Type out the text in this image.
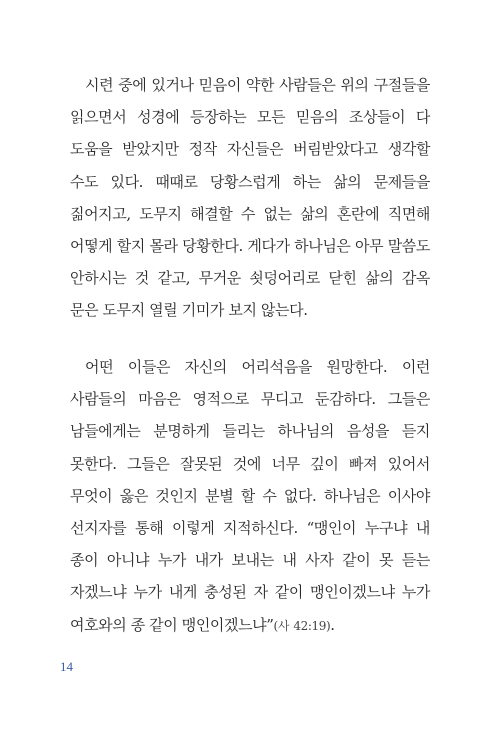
시련 중에 있거나 믿음이 약한 사람들은 위의 구절들을 읽으면서 성경에 등장하는 모든 믿음의 조상들이 다 도움을 받았지만 정작 자신들은 버림받았다고 생각할 수도 있다. 때때로 당황스럽게 하는 삶의 문제들을 짊어지고, 도무지 해결할 수 없는 삶의 혼란에 직면해 어떻게 할지 몰라 당황한다. 게다가 하나님은 아무 말씀도 안하시는 것 같고, 무거운 쇳덩어리로 닫힌 삶의 감옥 문은 도무지 열릴 기미가 보지 않는다.

어떤 이들은 자신의 어리석음을 원망한다. 이런 사람들의 마음은 영적으로 무디고 둔감하다. 그들은 남들에게는 분명하게 들리는 하나님의 음성을 듣지 못한다. 그들은 잘못된 것에 너무 깊이 빠져 있어서 무엇이 옳은 것인지 분별 할 수 없다. 하나님은 이사야 선지자를 통해 이렇게 지적하신다. “맹인이 누구냐 내 종이 아니냐 누가 내가 보내는 내 사자 같이 못 듣는 자겠느냐 누가 내게 충성된 자 같이 맹인이겠느냐 누가 여호와의 종 같이 맹인이겠느냐”(사 42:19).

14
